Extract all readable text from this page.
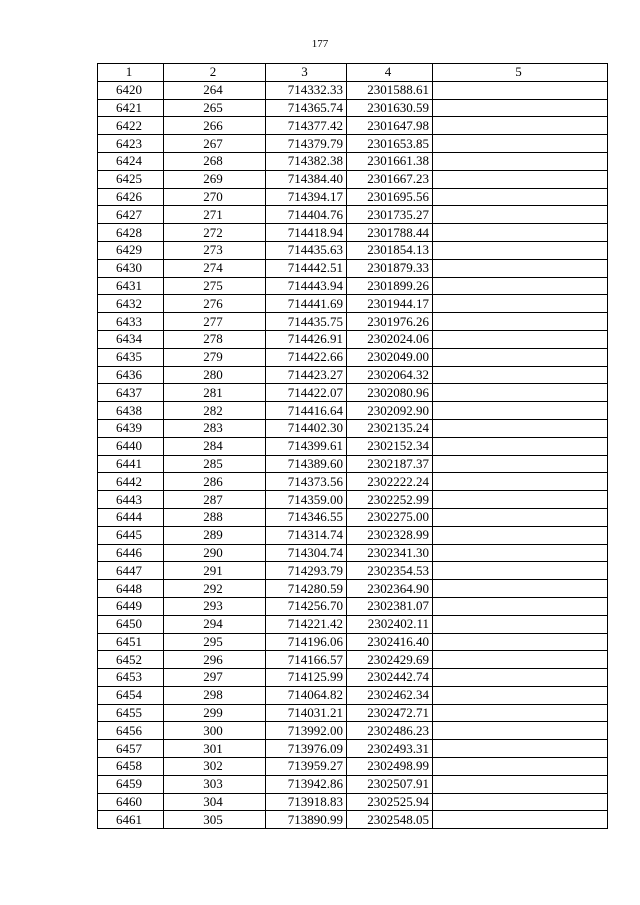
177
1	2	3	4	5
6420	264	714332.33	2301588.61	
6421	265	714365.74	2301630.59	
6422	266	714377.42	2301647.98	
6423	267	714379.79	2301653.85	
6424	268	714382.38	2301661.38	
6425	269	714384.40	2301667.23	
6426	270	714394.17	2301695.56	
6427	271	714404.76	2301735.27	
6428	272	714418.94	2301788.44	
6429	273	714435.63	2301854.13	
6430	274	714442.51	2301879.33	
6431	275	714443.94	2301899.26	
6432	276	714441.69	2301944.17	
6433	277	714435.75	2301976.26	
6434	278	714426.91	2302024.06	
6435	279	714422.66	2302049.00	
6436	280	714423.27	2302064.32	
6437	281	714422.07	2302080.96	
6438	282	714416.64	2302092.90	
6439	283	714402.30	2302135.24	
6440	284	714399.61	2302152.34	
6441	285	714389.60	2302187.37	
6442	286	714373.56	2302222.24	
6443	287	714359.00	2302252.99	
6444	288	714346.55	2302275.00	
6445	289	714314.74	2302328.99	
6446	290	714304.74	2302341.30	
6447	291	714293.79	2302354.53	
6448	292	714280.59	2302364.90	
6449	293	714256.70	2302381.07	
6450	294	714221.42	2302402.11	
6451	295	714196.06	2302416.40	
6452	296	714166.57	2302429.69	
6453	297	714125.99	2302442.74	
6454	298	714064.82	2302462.34	
6455	299	714031.21	2302472.71	
6456	300	713992.00	2302486.23	
6457	301	713976.09	2302493.31	
6458	302	713959.27	2302498.99	
6459	303	713942.86	2302507.91	
6460	304	713918.83	2302525.94	
6461	305	713890.99	2302548.05	
